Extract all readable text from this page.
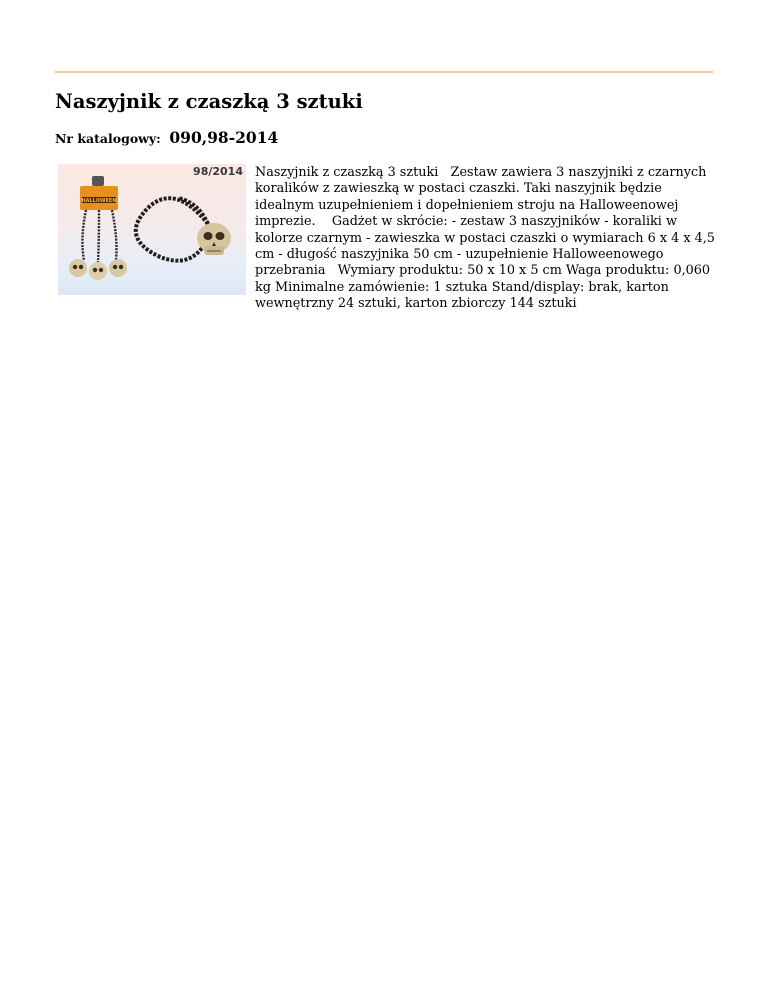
Naszyjnik z czaszką 3 sztuki
Nr katalogowy: 090,98-2014
HALLOWEEN
98/2014 Naszyjnik z czaszką 3 sztuki   Zestaw zawiera 3 naszyjniki z czarnych koralików z zawieszką w postaci czaszki. Taki naszyjnik będzie idealnym uzupełnieniem i dopełnieniem stroju na Halloweenowej imprezie.    Gadżet w skrócie: - zestaw 3 naszyjników - koraliki w kolorze czarnym - zawieszka w postaci czaszki o wymiarach 6 x 4 x 4,5 cm - długość naszyjnika 50 cm - uzupełnienie Halloweenowego przebrania   Wymiary produktu: 50 x 10 x 5 cm Waga produktu: 0,060 kg Minimalne zamówienie: 1 sztuka Stand/display: brak, karton wewnętrzny 24 sztuki, karton zbiorczy 144 sztuki
